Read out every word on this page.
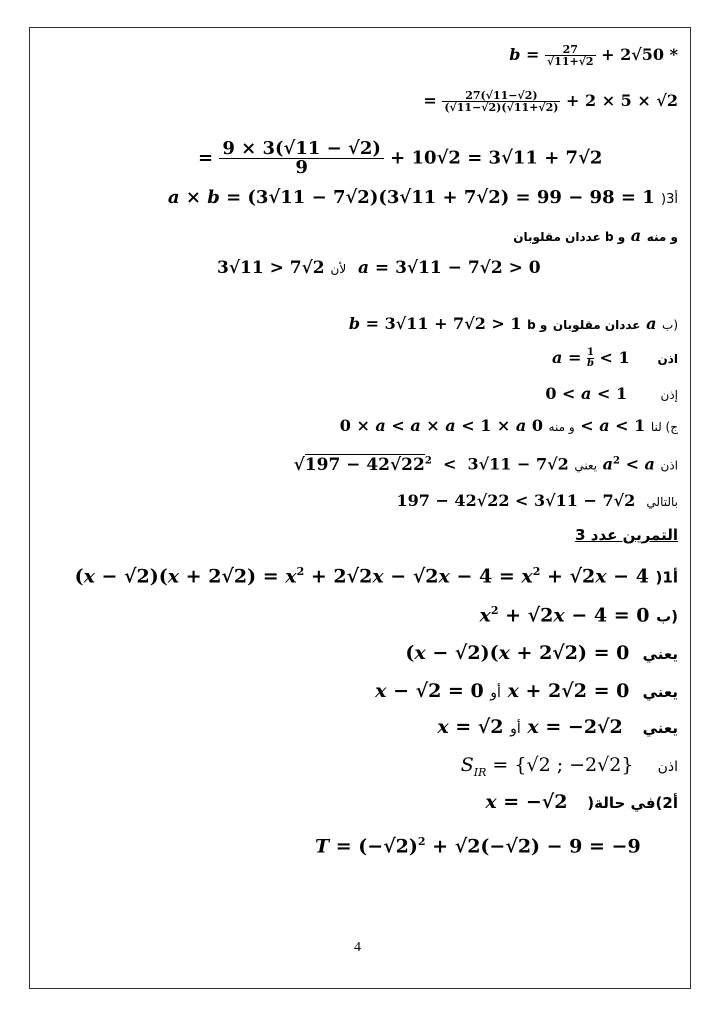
$b = \frac{27}{√11+√2} + 2√50$ *
= $\frac{27(√11-√2)}{(√11-√2)(√11+√2)} + 2 \times 5 \times √2$
= $\frac{9 \times 3(√11 - √2)}{9} + 10√2 = 3√11 + 7√2$
a × b = (3√11 − 7√2)(3√11 + 7√2) = 99 − 98 = 1 )أ3
عددان مقلوبان b و a و منه
3√11 > 7√2 لأن a = 3√11 − 7√2 > 0
b = 3√11 + 7√2 > 1 b عددان مقلوبان و	a ب)
$a = \frac{1}{b} < 1$     اذن
0 < a < 1      إذن
0 × a < a × a < 1 × a و منه 0 < a < 1 ج) لنا
$√197 - 42√22^2 < 3√11 - 7√2$ يعني $a^2 < a$ اذن
197 − 42√22 < 3√11 − 7√2  بالتالي
التمرين عدد 3
$(x - √2)(x + 2√2) = x^2 + 2√2x - √2x - 4 = x^2 + √2x - 4$ )أ1
$x^2 + √2x - 4 = 0$ ب)
(x − √2)(x + 2√2) = 0  يعني
x − √2 = 0 أو x + 2√2 = 0  يعني
x = √2 أو x = −2√2   يعني
$S_{IR} = \{√2$ ; −2√2}    اذن
x = −√2   )أ2)في حالة
$T = (-√2)^2 + √2(-√2) - 9 = -9$
4
